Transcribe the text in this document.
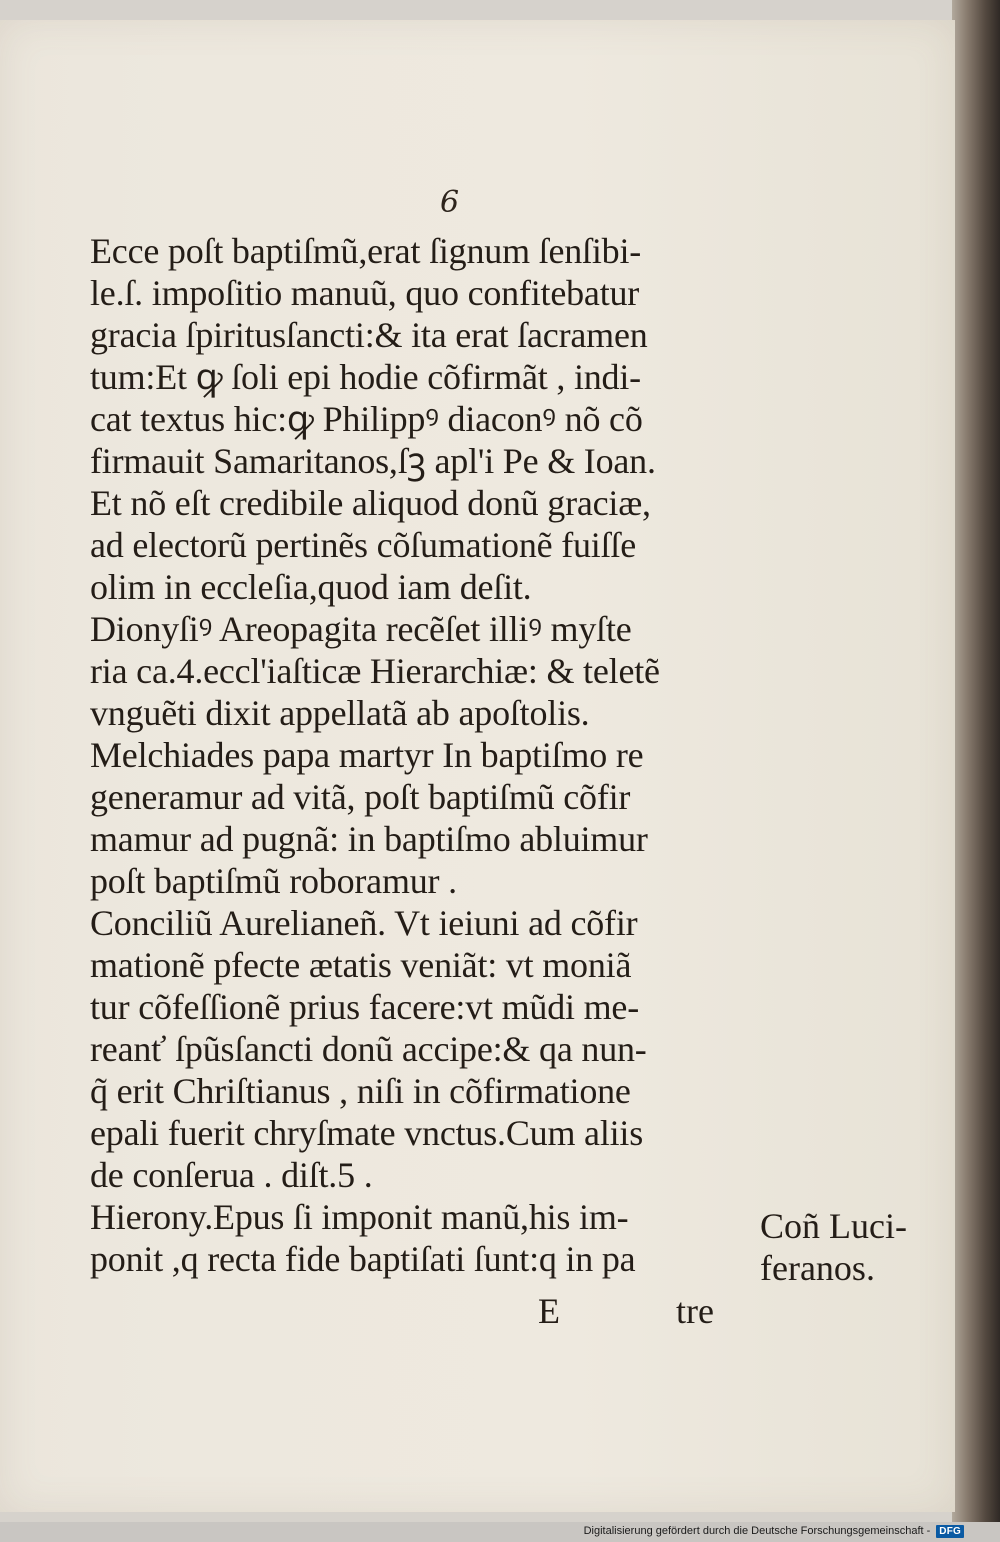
6
Ecce poſt baptiſmũ,erat ſignum ſenſibi-
le.ſ. impoſitio manuũ, quo confitebatur
gracia ſpiritusſancti:& ita erat ſacramen
tum:Et ꝙ ſoli epi hodie cõfirmãt , indi-
cat textus hic:ꝙ Philippꝰ diaconꝰ nõ cõ
firmauit Samaritanos,ſꝫ apl'i Pe & Ioan.
Et nõ eſt credibile aliquod donũ graciæ,
ad electorũ pertinẽs cõſumationẽ fuiſſe
olim in eccleſia,quod iam deſit.
Dionyſiꝰ Areopagita recẽſet illiꝰ myſte
ria ca.4.eccl'iaſticæ Hierarchiæ: & teletẽ
vnguẽti dixit appellatã ab apoſtolis.
Melchiades papa martyr In baptiſmo re
generamur ad vitã, poſt baptiſmũ cõfir
mamur ad pugnã: in baptiſmo abluimur
poſt baptiſmũ roboramur .
Conciliũ Aurelianeñ. Vt ieiuni ad cõfir
mationẽ pfecte ætatis veniãt: vt moniã
tur cõfeſſionẽ prius facere:vt mũdi me-
reanť ſpũsſancti donũ accipe:& qa nun-
q̃ erit Chriſtianus , niſi in cõfirmatione
epali fuerit chryſmate vnctus.Cum aliis
de conſerua . diſt.5 .
Hierony.Epus ſi imponit manũ,his im-
ponit ,q recta fide baptiſati ſunt:q in pa
Coñ Luci-
feranos.
E	tre
Digitalisierung gefördert durch die Deutsche Forschungsgemeinschaft - DFG
